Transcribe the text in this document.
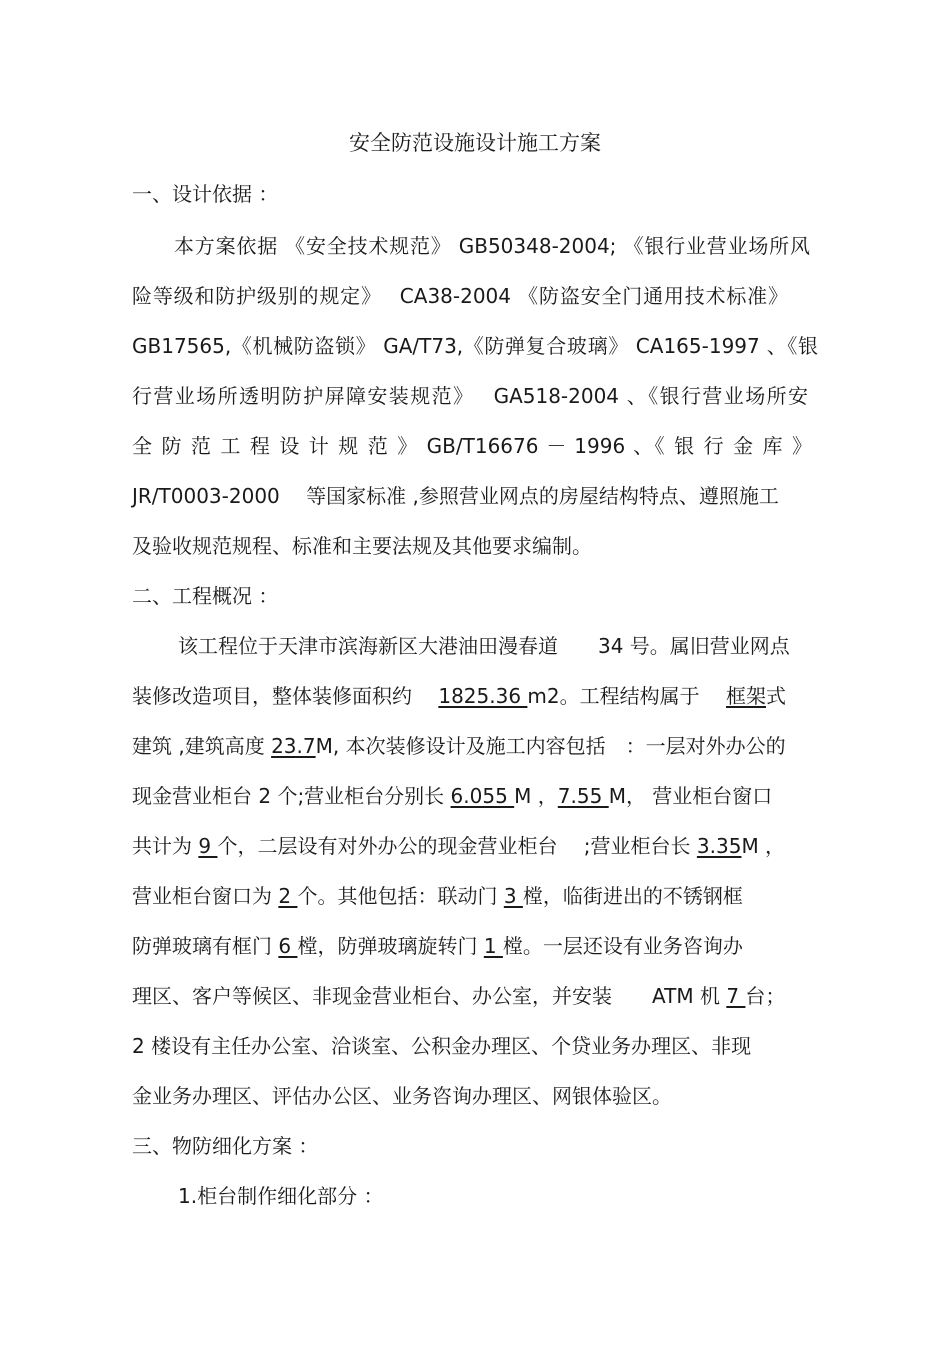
安全防范设施设计施工方案
一、设计依据 ：
本方案依据 《安全技术规范》 GB50348-2004; 《银行业营业场所风
险等级和防护级别的规定》　 CA38-2004 《防盗安全门通用技术标准》
GB17565,《机械防盗锁》 GA/T73,《防弹复合玻璃》 CA165-1997 、《银
行营业场所透明防护屏障安装规范》　 GA518-2004 、《银行营业场所安
全 防 范 工 程 设 计 规 范 》 GB/T16676 － 1996 、《 银 行 金 库 》
JR/T0003-2000　 等国家标准 ,参照营业网点的房屋结构特点、遵照施工
及验收规范规程、标准和主要法规及其他要求编制。
二、工程概况 ：
该工程位于天津市滨海新区大港油田漫春道　　34 号。属旧营业网点
装修改造项目，整体装修面积约　 1825.36 m2。工程结构属于　 框架式
建筑 ,建筑高度 23.7M, 本次装修设计及施工内容包括　：一层对外办公的
现金营业柜台 2 个;营业柜台分别长 6.055 M ，7.55 M， 营业柜台窗口
共计为 9 个，二层设有对外办公的现金营业柜台　 ;营业柜台长 3.35M ，
营业柜台窗口为 2 个。其他包括：联动门 3 樘，临街进出的不锈钢框
防弹玻璃有框门 6 樘，防弹玻璃旋转门 1 樘。一层还设有业务咨询办
理区、客户等候区、非现金营业柜台、办公室，并安装　　ATM 机 7 台；
2 楼设有主任办公室、洽谈室、公积金办理区、个贷业务办理区、非现
金业务办理区、评估办公区、业务咨询办理区、网银体验区。
三、物防细化方案 ：
1.柜台制作细化部分 ：
